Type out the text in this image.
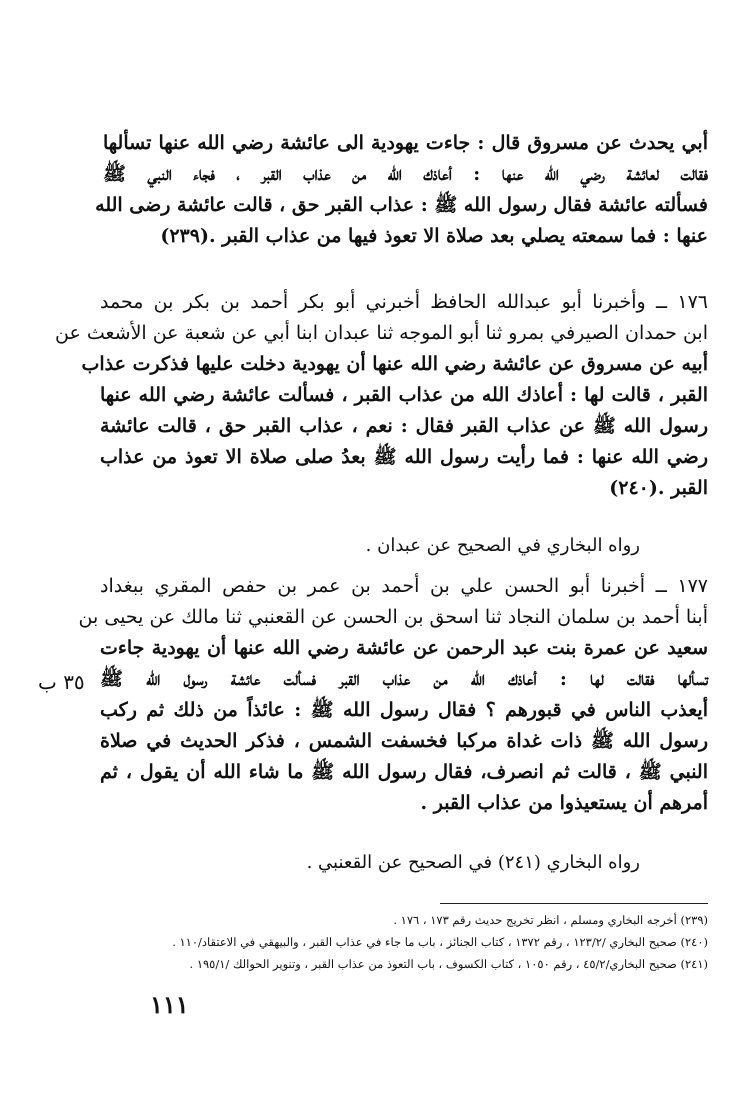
أبي يحدث عن مسروق قال : جاءت يهودية الى عائشة رضي الله عنها تسألها
فقالت لعائشة رضي الله عنها : أعاذك الله من عذاب القبر ، فجاء النبي ﷺ
فسألته عائشة فقال رسول الله ﷺ : عذاب القبر حق ، قالت عائشة رضى الله
عنها : فما سمعته يصلي بعد صلاة الا تعوذ فيها من عذاب القبر .(٢٣٩)
١٧٦ ــ وأخبرنا أبو عبدالله الحافظ أخبرني أبو بكر أحمد بن بكر بن محمد
ابن حمدان الصيرفي بمرو ثنا أبو الموجه ثنا عبدان ابنا أبي عن شعبة عن الأشعث عن
أبيه عن مسروق عن عائشة رضي الله عنها أن يهودية دخلت عليها فذكرت عذاب
القبر ، قالت لها : أعاذك الله من عذاب القبر ، فسألت عائشة رضي الله عنها
رسول الله ﷺ عن عذاب القبر فقال : نعم ، عذاب القبر حق ، قالت عائشة
رضي الله عنها : فما رأيت رسول الله ﷺ بعدُ صلى صلاة الا تعوذ من عذاب
القبر .(٢٤٠)
رواه البخاري في الصحيح عن عبدان .
١٧٧ ــ أخبرنا أبو الحسن علي بن أحمد بن عمر بن حفص المقري ببغداد
أبنا أحمد بن سلمان النجاد ثنا اسحق بن الحسن عن القعنبي ثنا مالك عن يحيى بن
سعيد عن عمرة بنت عبد الرحمن عن عائشة رضي الله عنها أن يهودية جاءت
تسألها فقالت لها : أعاذك الله من عذاب القبر فسألت عائشة رسول الله ﷺ
أيعذب الناس في قبورهم ؟ فقال رسول الله ﷺ : عائذاً من ذلك ثم ركب
رسول الله ﷺ ذات غداة مركبا فخسفت الشمس ، فذكر الحديث في صلاة
النبي ﷺ ، قالت ثم انصرف، فقال رسول الله ﷺ ما شاء الله أن يقول ، ثم
أمرهم أن يستعيذوا من عذاب القبر .
رواه البخاري (٢٤١) في الصحيح عن القعنبي .
٣٥ ب
(٢٣٩) أخرجه البخاري ومسلم ، انظر تخريج حديث رقم ١٧٣ ، ١٧٦ .
(٢٤٠) صحيح البخاري /١٢٣/٢ ، رقم ١٣٧٢ ، كتاب الجنائز ، باب ما جاء في عذاب القبر ، والبيهقي في الاعتقاد/١١٠ .
(٢٤١) صحيح البخاري/٤٥/٢ ، رقم ١٠٥٠ ، كتاب الكسوف ، باب التعوذ من عذاب القبر ، وتنوير الحوالك /١٩٥/١ .
١١١
